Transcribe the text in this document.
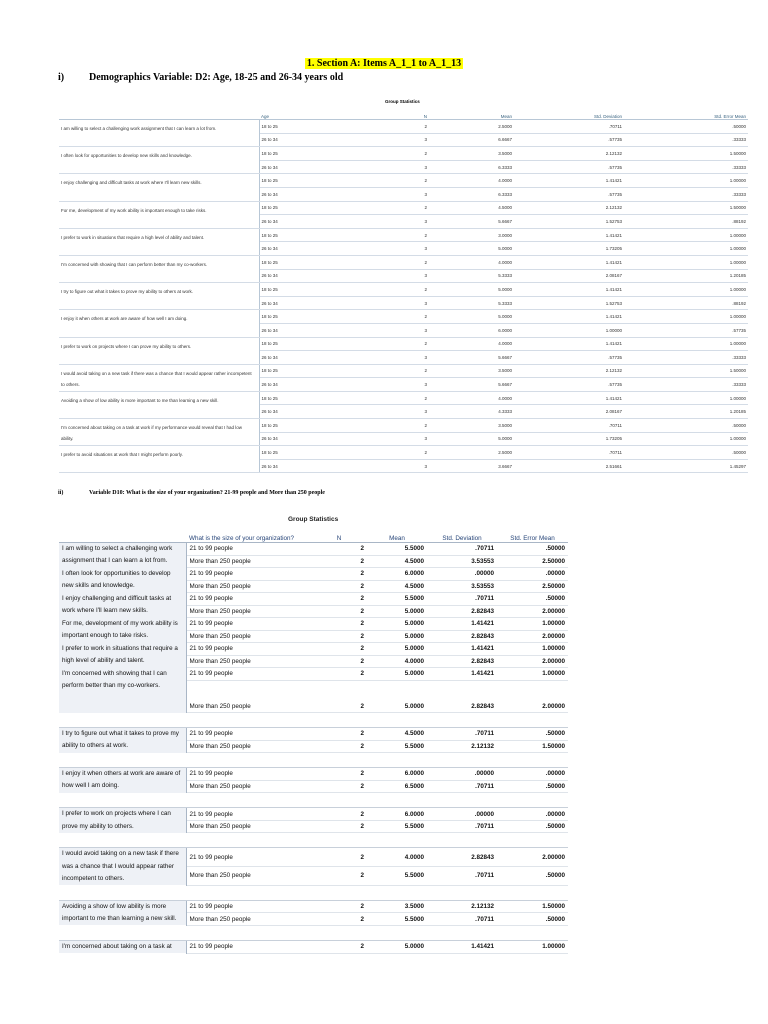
1. Section A: Items A_1_1 to A_1_13
i) Demographics Variable: D2: Age, 18-25 and 26-34 years old
Group Statistics
	Age	N	Mean	Std. Deviation	Std. Error Mean
I am willing to select a challenging work assignment that I can learn a lot from.	18 to 25	2	2.5000	.70711	.50000
	26 to 34	3	6.6667	.57735	.33333
I often look for opportunities to develop new skills and knowledge.	18 to 25	2	3.5000	2.12132	1.50000
	26 to 34	3	6.3333	.57735	.33333
I enjoy challenging and difficult tasks at work where I'll learn new skills.	18 to 25	2	4.0000	1.41421	1.00000
	26 to 34	3	6.3333	.57735	.33333
For me, development of my work ability is important enough to take risks.	18 to 25	2	4.5000	2.12132	1.50000
	26 to 34	3	5.6667	1.52753	.88192
I prefer to work in situations that require a high level of ability and talent.	18 to 25	2	3.0000	1.41421	1.00000
	26 to 34	3	5.0000	1.73205	1.00000
I'm concerned with showing that I can perform better than my co-workers.	18 to 25	2	4.0000	1.41421	1.00000
	26 to 34	3	5.3333	2.08167	1.20185
I try to figure out what it takes to prove my ability to others at work.	18 to 25	2	5.0000	1.41421	1.00000
	26 to 34	3	5.3333	1.52753	.88192
I enjoy it when others at work are aware of how well I am doing.	18 to 25	2	5.0000	1.41421	1.00000
	26 to 34	3	6.0000	1.00000	.57735
I prefer to work on projects where I can prove my ability to others.	18 to 25	2	4.0000	1.41421	1.00000
	26 to 34	3	5.6667	.57735	.33333
I would avoid taking on a new task if there was a chance that I would appear rather incompetent to others.	18 to 25	2	3.5000	2.12132	1.50000
	26 to 34	3	5.6667	.57735	.33333
Avoiding a show of low ability is more important to me than learning a new skill.	18 to 25	2	4.0000	1.41421	1.00000
	26 to 34	3	4.3333	2.08167	1.20185
I'm concerned about taking on a task at work if my performance would reveal that I had low ability.	18 to 25	2	3.5000	.70711	.50000
	26 to 34	3	5.0000	1.73205	1.00000
I prefer to avoid situations at work that I might perform poorly.	18 to 25	2	2.5000	.70711	.50000
	26 to 34	3	3.6667	2.51661	1.45297
ii)	Variable D10: What is the size of your organization? 21-99 people and More than 250 people
Group Statistics
	What is the size of your organization?	N	Mean	Std. Deviation	Std. Error Mean
I am willing to select a challenging work assignment that I can learn a lot from.	21 to 99 people	2	5.5000	.70711	.50000
	More than 250 people	2	4.5000	3.53553	2.50000
I often look for opportunities to develop new skills and knowledge.	21 to 99 people	2	6.0000	.00000	.00000
	More than 250 people	2	4.5000	3.53553	2.50000
I enjoy challenging and difficult tasks at work where I'll learn new skills.	21 to 99 people	2	5.5000	.70711	.50000
	More than 250 people	2	5.0000	2.82843	2.00000
For me, development of my work ability is important enough to take risks.	21 to 99 people	2	5.0000	1.41421	1.00000
	More than 250 people	2	5.0000	2.82843	2.00000
I prefer to work in situations that require a high level of ability and talent.	21 to 99 people	2	5.0000	1.41421	1.00000
	More than 250 people	2	4.0000	2.82843	2.00000
I'm concerned with showing that I can perform better than my co-workers.	21 to 99 people	2	5.0000	1.41421	1.00000

	More than 250 people	2	5.0000	2.82843	2.00000

I try to figure out what it takes to prove my ability to others at work.	21 to 99 people	2	4.5000	.70711	.50000
	More than 250 people	2	5.5000	2.12132	1.50000

I enjoy it when others at work are aware of how well I am doing.	21 to 99 people	2	6.0000	.00000	.00000
	More than 250 people	2	6.5000	.70711	.50000

I prefer to work on projects where I can prove my ability to others.	21 to 99 people	2	6.0000	.00000	.00000
	More than 250 people	2	5.5000	.70711	.50000

I would avoid taking on a new task if there was a chance that I would appear rather incompetent to others.	21 to 99 people	2	4.0000	2.82843	2.00000
	More than 250 people	2	5.5000	.70711	.50000

Avoiding a show of low ability is more important to me than learning a new skill.	21 to 99 people	2	3.5000	2.12132	1.50000
	More than 250 people	2	5.5000	.70711	.50000

I'm concerned about taking on a task at	21 to 99 people	2	5.0000	1.41421	1.00000
